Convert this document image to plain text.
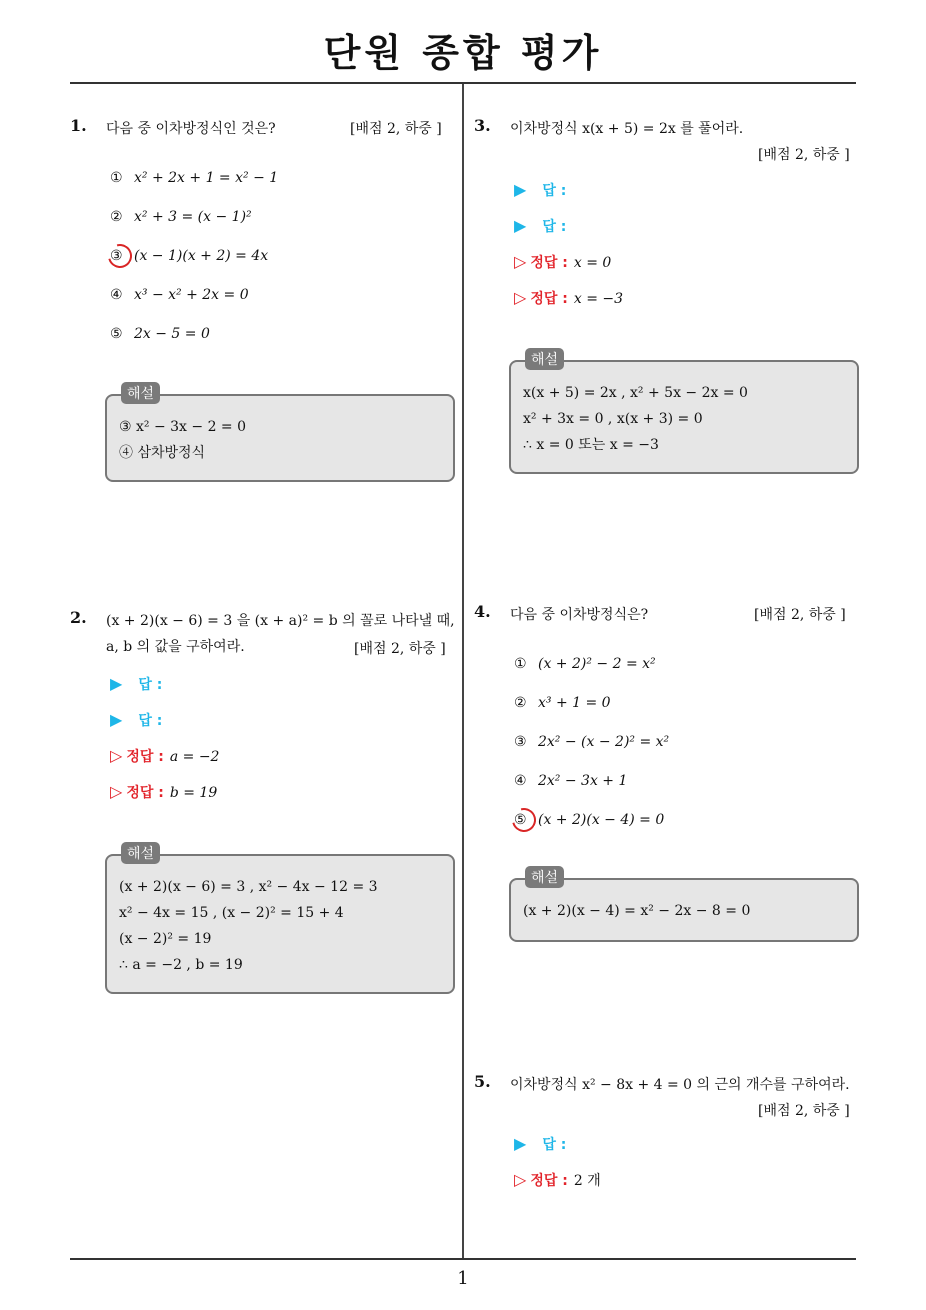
단원 종합 평가
1
1. 다음 중 이차방정식인 것은?	[배점 2, 하중 ]
① x² + 2x + 1 = x² − 1
② x² + 3 = (x − 1)²
③ (x − 1)(x + 2) = 4x
④ x³ − x² + 2x = 0
⑤ 2x − 5 = 0
해설
③ x² − 3x − 2 = 0
④ 삼차방정식
2. (x + 2)(x − 6) = 3 을 (x + a)² = b 의 꼴로 나타낼 때,
a, b 의 값을 구하여라.	[배점 2, 하중 ]
▶ 답 :
▶ 답 :
▷ 정답 : a = −2
▷ 정답 : b = 19
해설
(x + 2)(x − 6) = 3 , x² − 4x − 12 = 3
x² − 4x = 15 , (x − 2)² = 15 + 4
(x − 2)² = 19
∴ a = −2 , b = 19
3. 이차방정식 x(x + 5) = 2x 를 풀어라.
[배점 2, 하중 ]
▶ 답 :
▶ 답 :
▷ 정답 : x = 0
▷ 정답 : x = −3
해설
x(x + 5) = 2x , x² + 5x − 2x = 0
x² + 3x = 0 , x(x + 3) = 0
∴ x = 0 또는 x = −3
4. 다음 중 이차방정식은?	[배점 2, 하중 ]
① (x + 2)² − 2 = x²
② x³ + 1 = 0
③ 2x² − (x − 2)² = x²
④ 2x² − 3x + 1
⑤ (x + 2)(x − 4) = 0
해설
(x + 2)(x − 4) = x² − 2x − 8 = 0
5. 이차방정식 x² − 8x + 4 = 0 의 근의 개수를 구하여라.
[배점 2, 하중 ]
▶ 답 :
▷ 정답 : 2 개
